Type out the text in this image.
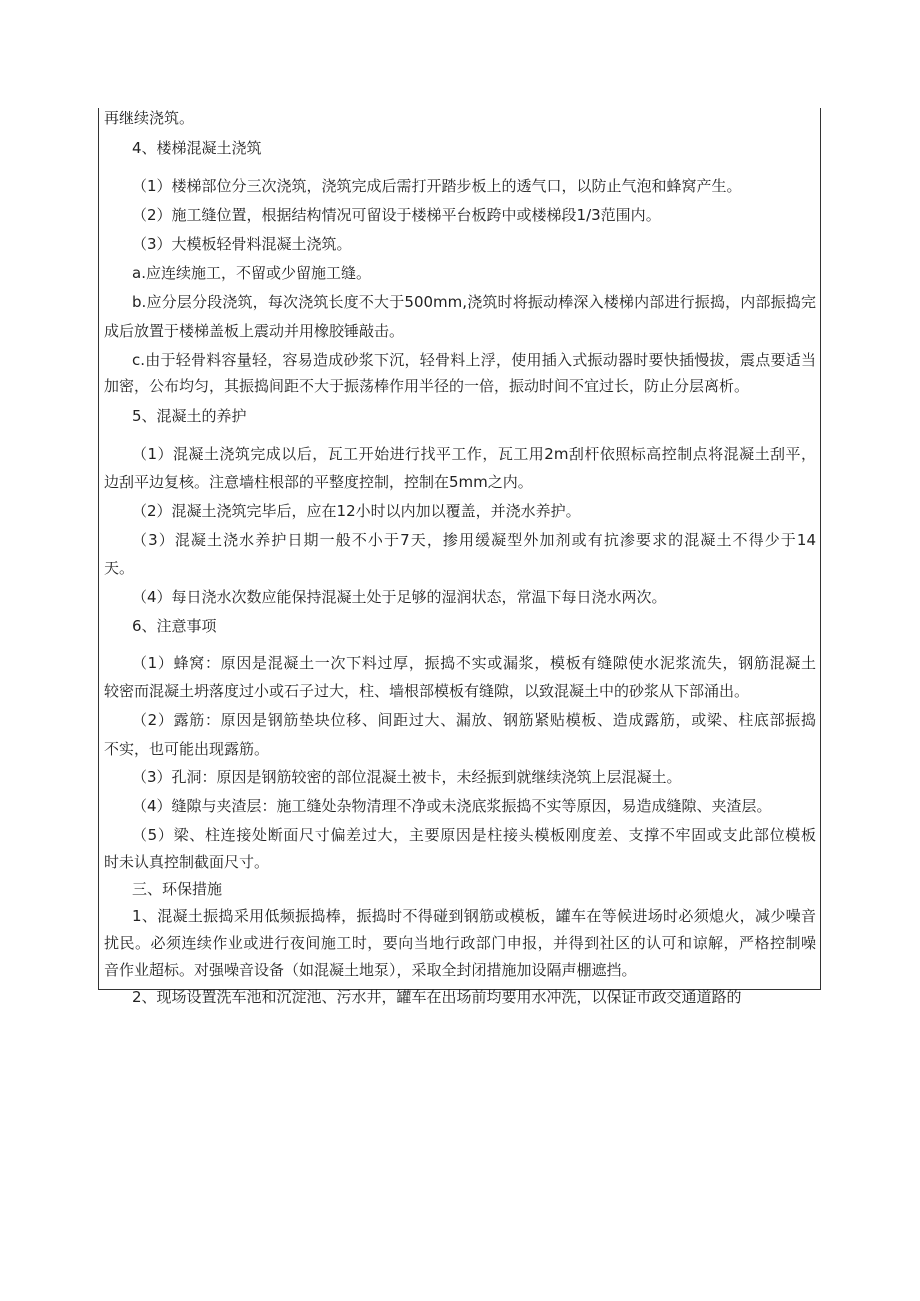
再继续浇筑。
4、楼梯混凝土浇筑
（1）楼梯部位分三次浇筑，浇筑完成后需打开踏步板上的透气口，以防止气泡和蜂窝产生。
（2）施工缝位置，根据结构情况可留设于楼梯平台板跨中或楼梯段1/3范围内。
（3）大模板轻骨料混凝土浇筑。
a.应连续施工，不留或少留施工缝。
b.应分层分段浇筑，每次浇筑长度不大于500mm,浇筑时将振动棒深入楼梯内部进行振捣，内部振捣完
成后放置于楼梯盖板上震动并用橡胶锤敲击。
c.由于轻骨料容量轻，容易造成砂浆下沉，轻骨料上浮，使用插入式振动器时要快插慢拔，震点要适当
加密，公布均匀，其振捣间距不大于振荡棒作用半径的一倍，振动时间不宜过长，防止分层离析。
5、混凝土的养护
（1）混凝土浇筑完成以后，瓦工开始进行找平工作，瓦工用2m刮杆依照标高控制点将混凝土刮平，
边刮平边复核。注意墙柱根部的平整度控制，控制在5mm之内。
（2）混凝土浇筑完毕后，应在12小时以内加以覆盖，并浇水养护。
（3）混凝土浇水养护日期一般不小于7天，掺用缓凝型外加剂或有抗渗要求的混凝土不得少于14
天。
（4）每日浇水次数应能保持混凝土处于足够的湿润状态，常温下每日浇水两次。
6、注意事项
（1）蜂窝：原因是混凝土一次下料过厚，振捣不实或漏浆，模板有缝隙使水泥浆流失，钢筋混凝土
较密而混凝土坍落度过小或石子过大，柱、墙根部模板有缝隙，以致混凝土中的砂浆从下部涌出。
（2）露筋：原因是钢筋垫块位移、间距过大、漏放、钢筋紧贴模板、造成露筋，或梁、柱底部振捣
不实，也可能出现露筋。
（3）孔洞：原因是钢筋较密的部位混凝土被卡，未经振到就继续浇筑上层混凝土。
（4）缝隙与夹渣层：施工缝处杂物清理不净或未浇底浆振捣不实等原因，易造成缝隙、夹渣层。
（5）梁、柱连接处断面尺寸偏差过大，主要原因是柱接头模板刚度差、支撑不牢固或支此部位模板
时未认真控制截面尺寸。
三、环保措施
1、混凝土振捣采用低频振捣棒，振捣时不得碰到钢筋或模板，罐车在等候进场时必须熄火，减少噪音
扰民。必须连续作业或进行夜间施工时，要向当地行政部门申报，并得到社区的认可和谅解，严格控制噪
音作业超标。对强噪音设备（如混凝土地泵），采取全封闭措施加设隔声棚遮挡。
2、现场设置洗车池和沉淀池、污水井，罐车在出场前均要用水冲洗，以保证市政交通道路的
